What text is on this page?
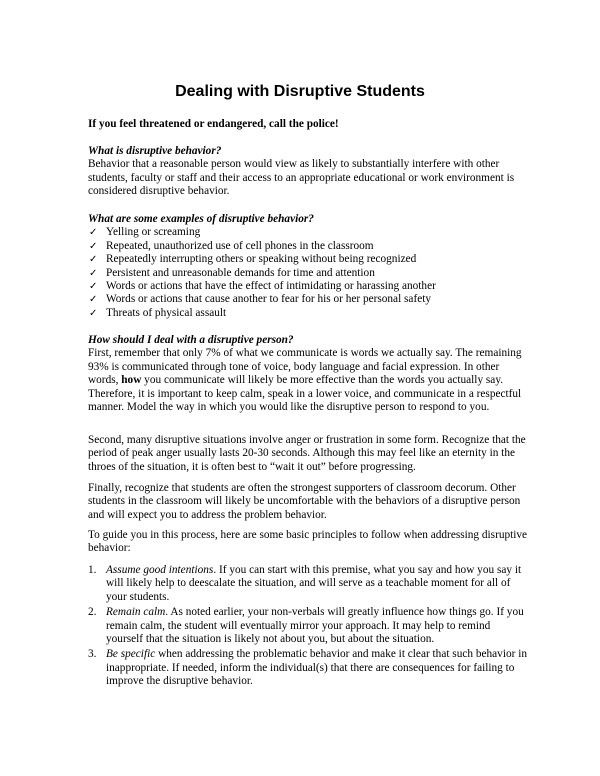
Dealing with Disruptive Students

If you feel threatened or endangered, call the police!

What is disruptive behavior?

Behavior that a reasonable person would view as likely to substantially interfere with other students, faculty or staff and their access to an appropriate educational or work environment is considered disruptive behavior.

What are some examples of disruptive behavior?

✓ Yelling or screaming
✓ Repeated, unauthorized use of cell phones in the classroom
✓ Repeatedly interrupting others or speaking without being recognized
✓ Persistent and unreasonable demands for time and attention
✓ Words or actions that have the effect of intimidating or harassing another
✓ Words or actions that cause another to fear for his or her personal safety
✓ Threats of physical assault

How should I deal with a disruptive person?

First, remember that only 7% of what we communicate is words we actually say. The remaining 93% is communicated through tone of voice, body language and facial expression. In other words, how you communicate will likely be more effective than the words you actually say. Therefore, it is important to keep calm, speak in a lower voice, and communicate in a respectful manner. Model the way in which you would like the disruptive person to respond to you.

Second, many disruptive situations involve anger or frustration in some form. Recognize that the period of peak anger usually lasts 20-30 seconds. Although this may feel like an eternity in the throes of the situation, it is often best to “wait it out” before progressing.

Finally, recognize that students are often the strongest supporters of classroom decorum. Other students in the classroom will likely be uncomfortable with the behaviors of a disruptive person and will expect you to address the problem behavior.

To guide you in this process, here are some basic principles to follow when addressing disruptive behavior:

1. Assume good intentions. If you can start with this premise, what you say and how you say it will likely help to deescalate the situation, and will serve as a teachable moment for all of your students.
2. Remain calm. As noted earlier, your non-verbals will greatly influence how things go. If you remain calm, the student will eventually mirror your approach. It may help to remind yourself that the situation is likely not about you, but about the situation.
3. Be specific when addressing the problematic behavior and make it clear that such behavior in inappropriate. If needed, inform the individual(s) that there are consequences for failing to improve the disruptive behavior.
